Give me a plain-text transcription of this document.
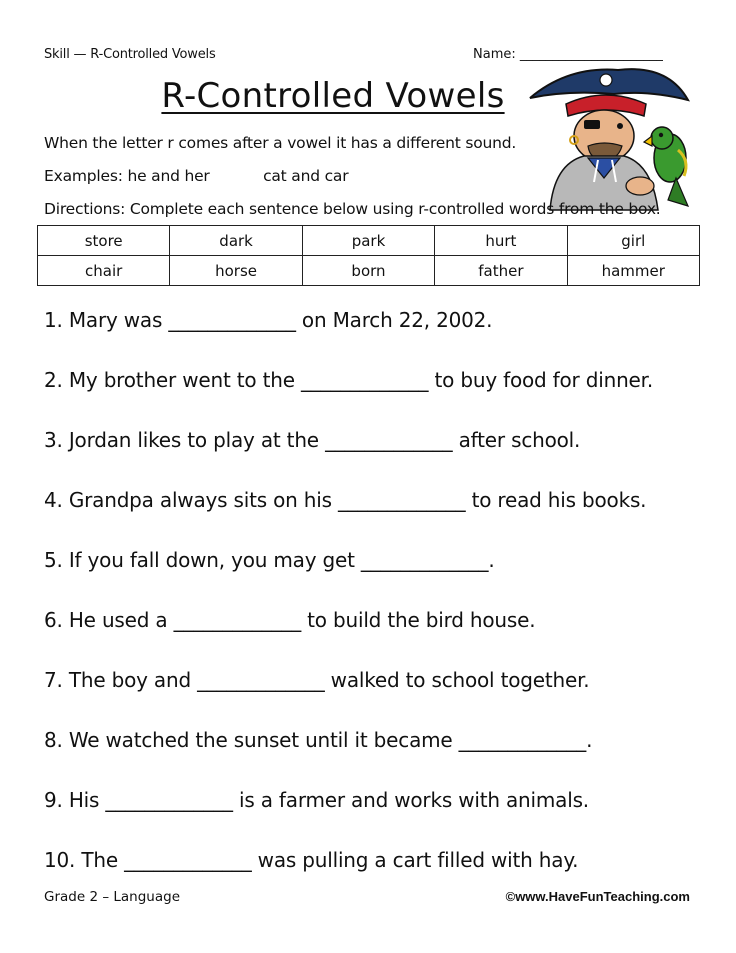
Skill — R-Controlled Vowels	Name: ______________________
R-Controlled Vowels
When the letter r comes after a vowel it has a different sound.
Examples: he and her	cat and car
Directions: Complete each sentence below using r-controlled words from the box.
store	dark	park	hurt	girl
chair	horse	born	father	hammer
1. Mary was _____________ on March 22, 2002.
2. My brother went to the _____________ to buy food for dinner.
3. Jordan likes to play at the _____________ after school.
4. Grandpa always sits on his _____________ to read his books.
5. If you fall down, you may get _____________.
6. He used a _____________ to build the bird house.
7. The boy and _____________ walked to school together.
8. We watched the sunset until it became _____________.
9. His _____________ is a farmer and works with animals.
10. The _____________ was pulling a cart filled with hay.
Grade 2 – Language	©www.HaveFunTeaching.com
